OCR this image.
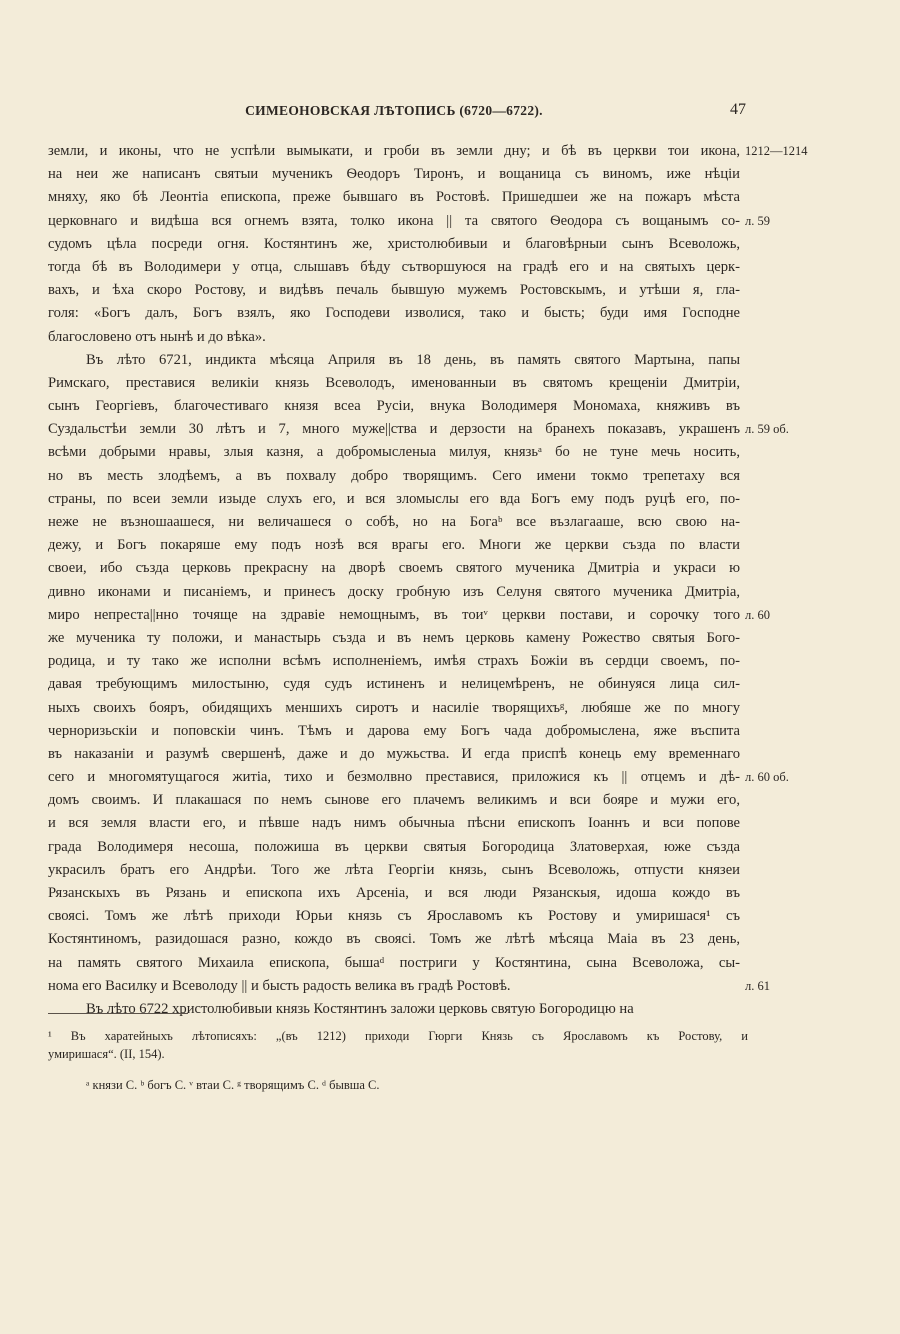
СИМЕОНОВСКАЯ ЛѢТОПИСЬ (6720—6722).	47
земли, и иконы, что не успѣли вымыкати, и гроби въ земли дну; и бѣ въ церкви тои икона,
на неи же написанъ святыи мученикъ Ѳеодоръ Тиронъ, и вощаница съ виномъ, иже нѣцiи
мняху, яко бѣ Леонтiа епископа, преже бывшаго въ Ростовѣ. Пришедшеи же на пожаръ мѣста
церковнаго и видѣша вся огнемъ взята, толко икона || та святого Ѳеодора съ вощанымъ со-
судомъ цѣла посреди огня. Костянтинъ же, христолюбивыи и благовѣрныи сынъ Всеволожь,
тогда бѣ въ Володимери у отца, слышавъ бѣду сътворшуюся на градѣ его и на святыхъ церк-
вахъ, и ѣха скоро Ростову, и видѣвъ печаль бывшую мужемъ Ростовскымъ, и утѣши я, гла-
голя: «Богъ далъ, Богъ взялъ, яко Господеви изволися, тако и бысть; буди имя Господне
благословено отъ нынѣ и до вѣка».
Въ лѣто 6721, индикта мѣсяца Априля въ 18 день, въ память святого Мартына, папы
Римскаго, преставися великiи князь Всеволодъ, именованныи въ святомъ крещенiи Дмитрiи,
сынъ Георгiевъ, благочестиваго князя всеа Русiи, внука Володимеря Мономаха, княживъ въ
Суздальстѣи земли 30 лѣтъ и 7, много муже||ства и дерзости на бранехъ показавъ, украшенъ
всѣми добрыми нравы, злыя казня, а добромысленыа милуя, князьᵃ бо не туне мечь носить,
но въ месть злодѣемъ, а въ похвалу добро творящимъ. Сего имени токмо трепетаху вся
страны, по всеи земли изыде слухъ его, и вся зломыслы его вда Богъ ему подъ руцѣ его, по-
неже не възношаашеся, ни величашеся о собѣ, но на Богаᵇ все възлагааше, всю свою на-
дежу, и Богъ покаряше ему подъ нозѣ вся врагы его. Многи же церкви създа по власти
своеи, ибо създа церковь прекрасну на дворѣ своемъ святого мученика Дмитрiа и украси ю
дивно иконами и писанiемъ, и принесъ доску гробную изъ Селуня святого мученика Дмитрiа,
миро непреста||нно точяще на здравiе немощнымъ, въ тоиᵛ церкви постави, и сорочку того
же мученика ту положи, и манастырь създа и въ немъ церковь камену Рожество святыя Бого-
родица, и ту тако же исполни всѣмъ исполненiемъ, имѣя страхъ Божiи въ сердци своемъ, по-
давая требующимъ милостыню, судя судъ истиненъ и нелицемѣренъ, не обинуяся лица сил-
ныхъ своихъ бояръ, обидящихъ меншихъ сиротъ и насилiе творящихъᵍ, любяше же по многу
черноризьскiи и поповскiи чинъ. Тѣмъ и дарова ему Богъ чада добромыслена, яже въспита
въ наказанiи и разумѣ свершенѣ, даже и до мужьства. И егда приспѣ конець ему временнаго
сего и многомятущагося житiа, тихо и безмолвно преставися, приложися къ || отцемъ и дѣ-
домъ своимъ. И плакашася по немъ сынове его плачемъ великимъ и вси бояре и мужи его,
и вся земля власти его, и пѣвше надъ нимъ обычныа пѣсни епископъ Iоаннъ и вси попове
града Володимеря несоша, положиша въ церкви святыя Богородица Златоверхая, юже създа
украсилъ братъ его Андрѣи. Того же лѣта Георгiи князь, сынъ Всеволожь, отпусти князеи
Рязанскыхъ въ Рязань и епископа ихъ Арсенiа, и вся люди Рязанскыя, идоша кождо въ
своясi. Томъ же лѣтѣ приходи Юрьи князь съ Ярославомъ къ Ростову и умиришася¹ съ
Костянтиномъ, разидошася разно, кождо въ своясi. Томъ же лѣтѣ мѣсяца Маiа въ 23 день,
на память святого Михаила епископа, бышаᵈ постриги у Костянтина, сына Всеволожа, сы-
нома его Василку и Всеволоду || и бысть радость велика въ градѣ Ростовѣ.
Въ лѣто 6722 христолюбивыи князь Костянтинъ заложи церковь святую Богородицю на
1212—1214
л. 59
л. 59 об.
л. 60
л. 60 об.
л. 61
¹ Въ харатейныхъ лѣтописяхъ: „(въ 1212) приходи Гюрги Князь съ Ярославомъ къ Ростову, и
умиришася“. (II, 154).
ᵃ князи С. ᵇ богъ С. ᵛ втаи С. ᵍ творящимъ С. ᵈ бывша С.
